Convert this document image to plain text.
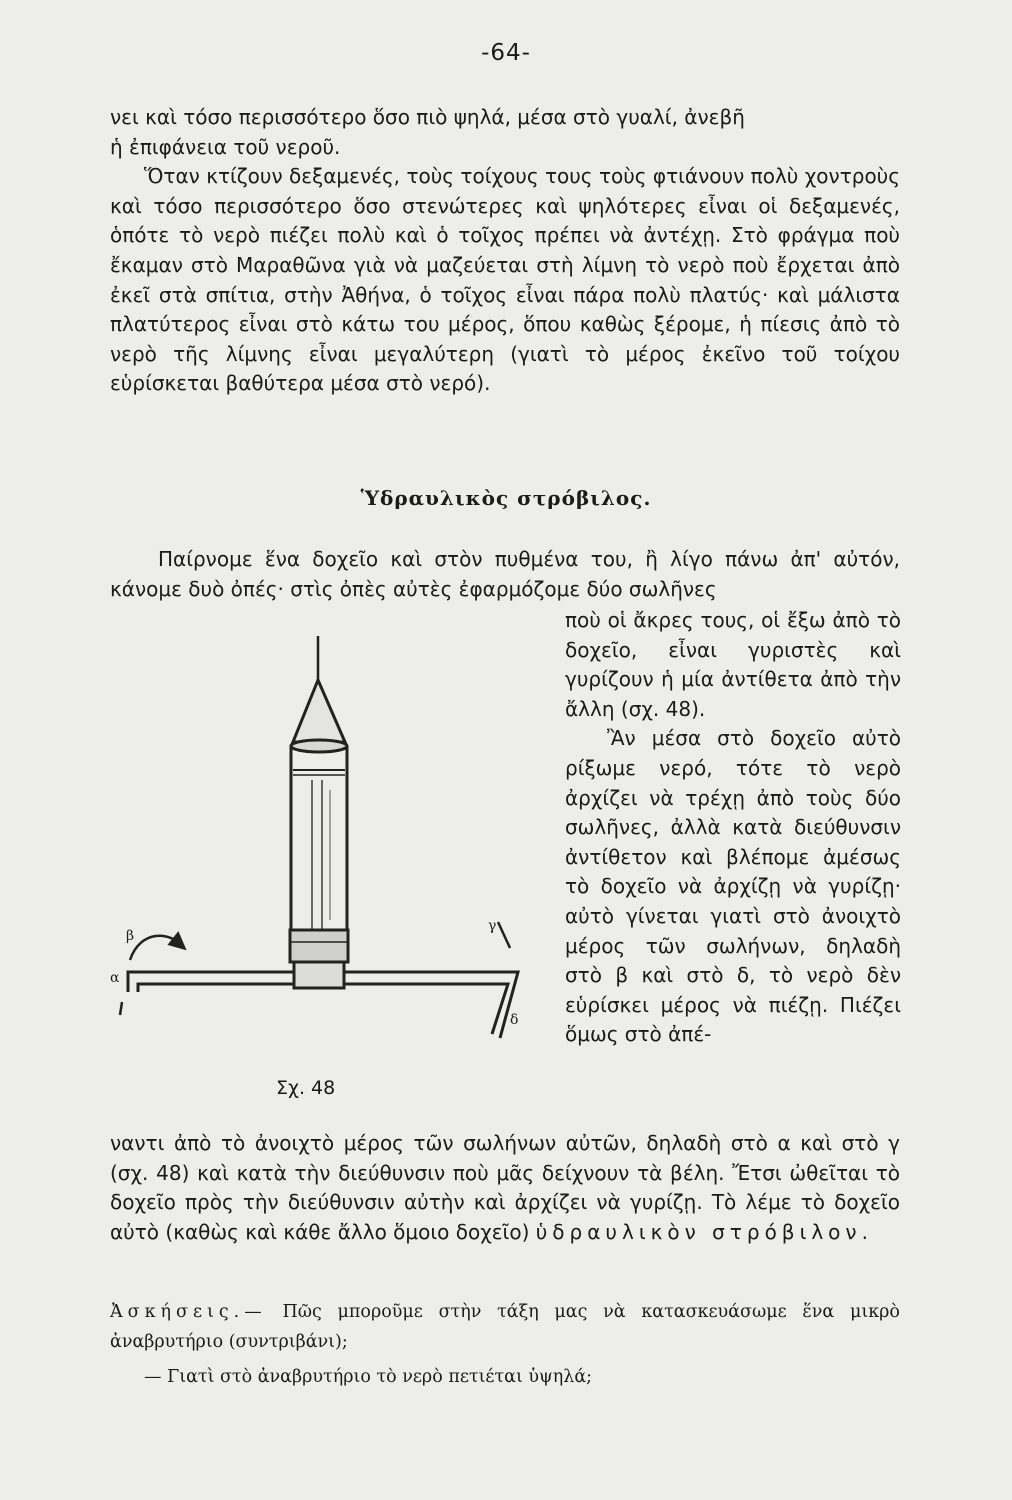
-64-

νει καὶ τόσο περισσότερο ὅσο πιὸ ψηλά, μέσα στὸ γυαλί, ἀνεβῆ
ἡ ἐπιφάνεια τοῦ νεροῦ.
Ὅταν κτίζουν δεξαμενές, τοὺς τοίχους τους τοὺς φτιάνουν πολὺ χοντροὺς καὶ τόσο περισσότερο ὅσο στενώτερες καὶ ψηλότερες εἶναι οἱ δεξαμενές, ὁπότε τὸ νερὸ πιέζει πολὺ καὶ ὁ τοῖχος πρέπει νὰ ἀντέχῃ. Στὸ φράγμα ποὺ ἔκαμαν στὸ Μαραθῶνα γιὰ νὰ μαζεύεται στὴ λίμνη τὸ νερὸ ποὺ ἔρχεται ἀπὸ ἐκεῖ στὰ σπίτια, στὴν Ἀθήνα, ὁ τοῖχος εἶναι πάρα πολὺ πλατύς· καὶ μάλιστα πλατύτερος εἶναι στὸ κάτω του μέρος, ὅπου καθὼς ξέρομε, ἡ πίεσις ἀπὸ τὸ νερὸ τῆς λίμνης εἶναι μεγαλύτερη (γιατὶ τὸ μέρος ἐκεῖνο τοῦ τοίχου εὑρίσκεται βαθύτερα μέσα στὸ νερό).

Ὑδραυλικὸς στρόβιλος.

Παίρνομε ἕνα δοχεῖο καὶ στὸν πυθμένα του, ἢ λίγο πάνω ἀπ' αὐτόν, κάνομε δυὸ ὀπές· στὶς ὀπὲς αὐτὲς ἐφαρμόζομε δύο σωλῆνες

ποὺ οἱ ἄκρες τους, οἱ ἔξω ἀπὸ τὸ δοχεῖο, εἶναι γυριστὲς καὶ γυρίζουν ἡ μία ἀντίθετα ἀπὸ τὴν ἄλλη (σχ. 48).
Ἂν μέσα στὸ δοχεῖο αὐτὸ ρίξωμε νερό, τότε τὸ νερὸ ἀρχίζει νὰ τρέχῃ ἀπὸ τοὺς δύο σωλῆνες, ἀλλὰ κατὰ διεύθυνσιν ἀντίθετον καὶ βλέπομε ἀμέσως τὸ δοχεῖο νὰ ἀρχίζῃ νὰ γυρίζῃ· αὐτὸ γίνεται γιατὶ στὸ ἀνοιχτὸ μέρος τῶν σωλήνων, δηλαδὴ στὸ β καὶ στὸ δ, τὸ νερὸ δὲν εὑρίσκει μέρος νὰ πιέζῃ. Πιέζει ὅμως στὸ ἀπέ-

α
β
γ
δ
Σχ. 48

ναντι ἀπὸ τὸ ἀνοιχτὸ μέρος τῶν σωλήνων αὐτῶν, δηλαδὴ στὸ α καὶ στὸ γ (σχ. 48) καὶ κατὰ τὴν διεύθυνσιν ποὺ μᾶς δείχνουν τὰ βέλη. Ἔτσι ὠθεῖται τὸ δοχεῖο πρὸς τὴν διεύθυνσιν αὐτὴν καὶ ἀρχίζει νὰ γυρίζῃ. Τὸ λέμε τὸ δοχεῖο αὐτὸ (καθὼς καὶ κάθε ἄλλο ὅμοιο δοχεῖο) ὑδραυλικὸν στρόβιλον.

Ἀσκήσεις.— Πῶς μποροῦμε στὴν τάξη μας νὰ κατασκευάσωμε ἕνα μικρὸ ἀναβρυτήριο (συντριβάνι);

— Γιατὶ στὸ ἀναβρυτήριο τὸ νερὸ πετιέται ὑψηλά;
